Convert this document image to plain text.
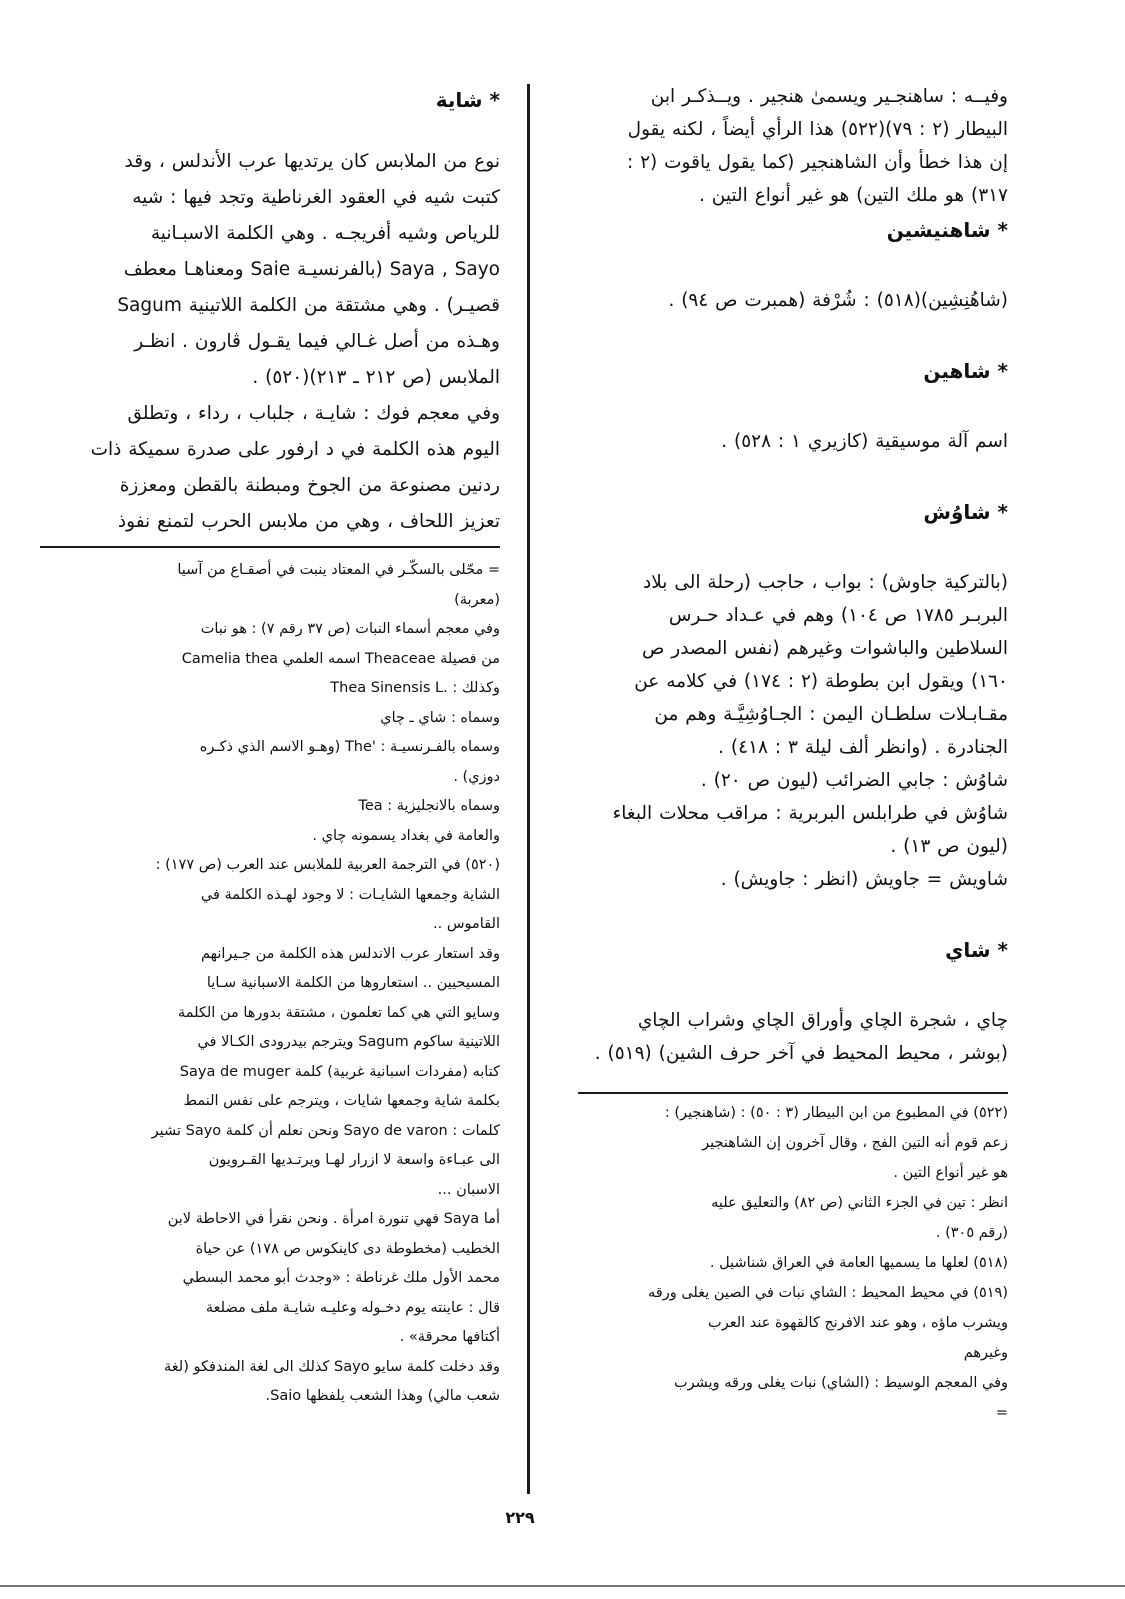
وفيــه : ساهنجـير ويسمىٰ هنجير . ويــذكـر ابن
البيطار (٢ : ٧٩)(٥٢٢) هذا الرأي أيضاً ، لكنه يقول
إن هذا خطأ وأن الشاهنجير (كما يقول ياقوت (٢ :
٣١٧) هو ملك التين) هو غير أنواع التين .
* شاهنيشين
(شاهُنِشِين)(٥١٨) : شُرْفة (همبرت ص ٩٤) .
* شاهين
اسم آلة موسيقية (كازيري ١ : ٥٢٨) .
* شاوُش
(بالتركية جاوش) : بواب ، حاجب (رحلة الى بلاد
البربـر ١٧٨٥ ص ١٠٤) وهم في عـداد حـرس
السلاطين والباشوات وغيرهم (نفس المصدر ص
١٦٠) ويقول ابن بطوطة (٢ : ١٧٤) في كلامه عن
مقـابـلات سلطـان اليمن : الجـاوُشِيَّـة وهم من
الجنادرة . (وانظر ألف ليلة ٣ : ٤١٨) .
شاوُش : جابي الضرائب (ليون ص ٢٠) .
شاوُش في طرابلس البربرية : مراقب محلات البغاء
(ليون ص ١٣) .
شاويش = جاويش (انظر : جاويش) .
* شاي
چاي ، شجرة الچاي وأوراق الچاي وشراب الچاي
(بوشر ، محيط المحيط في آخر حرف الشين) (٥١٩) .
(٥٢٢) في المطبوع من ابن البيطار (٣ : ٥٠) : (شاهنجير) :
زعم قوم أنه التين الفج ، وقال آخرون إن الشاهنجير
هو غير أنواع التين .
انظر : تين في الجزء الثاني (ص ٨٢) والتعليق عليه
(رقم ٣٠٥) .
(٥١٨) لعلها ما يسميها العامة في العراق شناشيل .
(٥١٩) في محيط المحيط : الشاي نبات في الصين يغلى ورقه
ويشرب ماؤه ، وهو عند الافرنج كالقهوة عند العرب
وغيرهم
وفي المعجم الوسيط : (الشاي) نبات يغلى ورقه ويشرب
=
* شاية
نوع من الملابس كان يرتديها عرب الأندلس ، وقد
كتبت شيه في العقود الغرناطية وتجد فيها : شيه
للرياص وشيه أفريجـه . وهي الكلمة الاسبـانية
Saya , Sayo (بالفرنسيـة Saie ومعناهـا معطف
قصيـر) . وهي مشتقة من الكلمة اللاتينية Sagum
وهـذه من أصل غـالي فيما يقـول ڤارون . انظـر
الملابس (ص ٢١٢ ـ ٢١٣)(٥٢٠) .
وفي معجم فوك : شايـة ، جلباب ، رداء ، وتطلق
اليوم هذه الكلمة في د ارفور على صدرة سميكة ذات
ردنين مصنوعة من الجوخ ومبطنة بالقطن ومعززة
تعزيز اللحاف ، وهي من ملابس الحرب لتمنع نفوذ
= محّلى بالسكّـر في المعتاد ينبت في أصقـاع من آسيا
(معربة)
وفي معجم أسماء النبات (ص ٣٧ رقم ٧) : هو نبات
من فصيلة Theaceae اسمه العلمي Camelia thea
وكذلك : .Thea Sinensis L
وسماه : شاي ـ چاي
وسماه بالفـرنسيـة : 'The (وهـو الاسم الذي ذكـره
دوزي) .
وسماه بالانجليزية : Tea
والعامة في بغداد يسمونه چاي .
(٥٢٠) في الترجمة العربية للملابس عند العرب (ص ١٧٧) :
الشاية وجمعها الشايـات : لا وجود لهـذه الكلمة في
القاموس ..
وقد استعار عرب الاندلس هذه الكلمة من جـيرانهم
المسيحيين .. استعاروها من الكلمة الاسبانية سـايا
وسايو التي هي كما تعلمون ، مشتقة بدورها من الكلمة
اللاتينية ساكوم Sagum ويترجم بيدرودى الكـالا في
كتابه (مفردات اسبانية غربية) كلمة Saya de muger
بكلمة شاية وجمعها شايات ، ويترجم على نفس النمط
كلمات : Sayo de varon ونحن نعلم أن كلمة Sayo تشير
الى عبـاءة واسعة لا ازرار لهـا ويرتـديها القـرويون
الاسبان ...
أما Saya فهي تنورة امرأة . ونحن نقرأ في الاحاطة لابن
الخطيب (مخطوطة دى كاينكوس ص ١٧٨) عن حياة
محمد الأول ملك غرناطة : «وجدث أبو محمد البسطي
قال : عاينته يوم دخـوله وعليـه شايـة ملف مضلعة
أكتافها محرقة» .
وقد دخلت كلمة سايو Sayo كذلك الى لغة المندفكو (لغة
شعب مالي) وهذا الشعب يلفظها Saio.
٢٢٩
